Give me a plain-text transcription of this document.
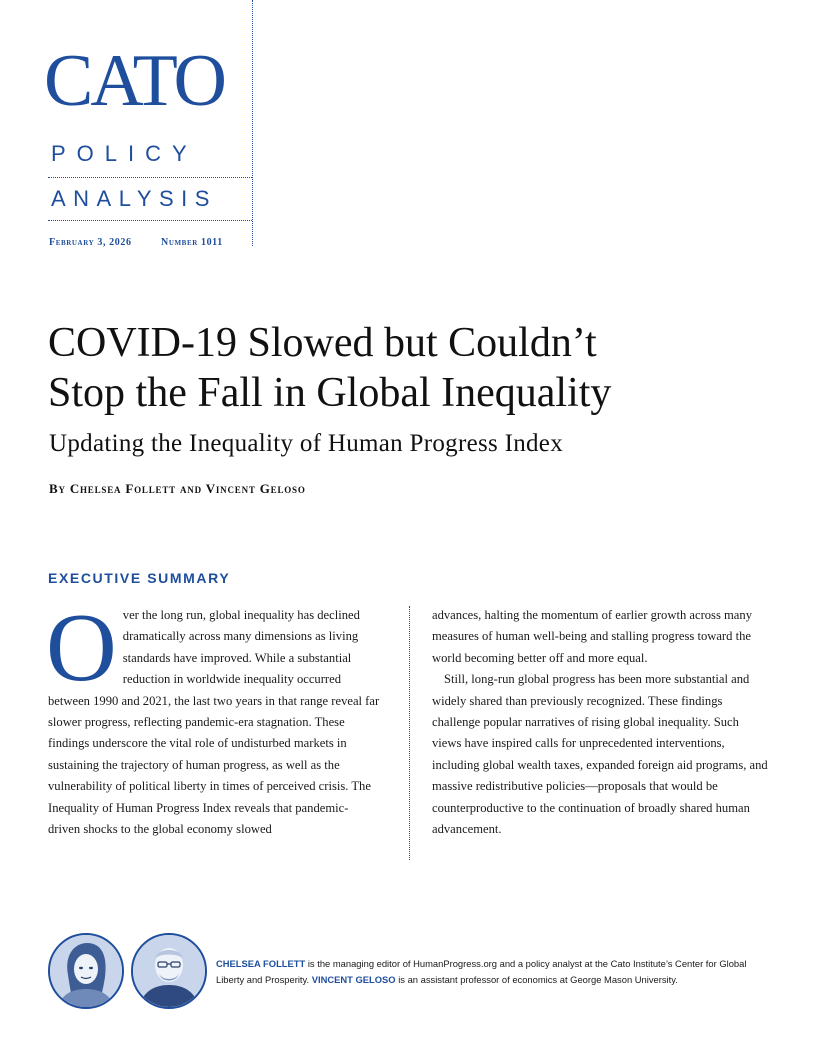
CATO
POLICY
ANALYSIS
February 3, 2026	Number 1011
COVID-19 Slowed but Couldn’t
Stop the Fall in Global Inequality
Updating the Inequality of Human Progress Index
By Chelsea Follett and Vincent Geloso
EXECUTIVE SUMMARY
Over the long run, global inequality has declined dramatically across many dimensions as living standards have improved. While a substantial reduction in worldwide inequality occurred between 1990 and 2021, the last two years in that range reveal far slower progress, reflecting pandemic-era stagnation. These findings underscore the vital role of undisturbed markets in sustaining the trajectory of human progress, as well as the vulnerability of political liberty in times of perceived crisis. The Inequality of Human Progress Index reveals that pandemic-driven shocks to the global economy slowed

advances, halting the momentum of earlier growth across many measures of human well-being and stalling progress toward the world becoming better off and more equal.

Still, long-run global progress has been more substantial and widely shared than previously recognized. These findings challenge popular narratives of rising global inequality. Such views have inspired calls for unprecedented interventions, including global wealth taxes, expanded foreign aid programs, and massive redistributive policies—proposals that would be counterproductive to the continuation of broadly shared human advancement.

CHELSEA FOLLETT is the managing editor of HumanProgress.org and a policy analyst at the Cato Institute’s Center for Global Liberty and Prosperity. VINCENT GELOSO is an assistant professor of economics at George Mason University.
